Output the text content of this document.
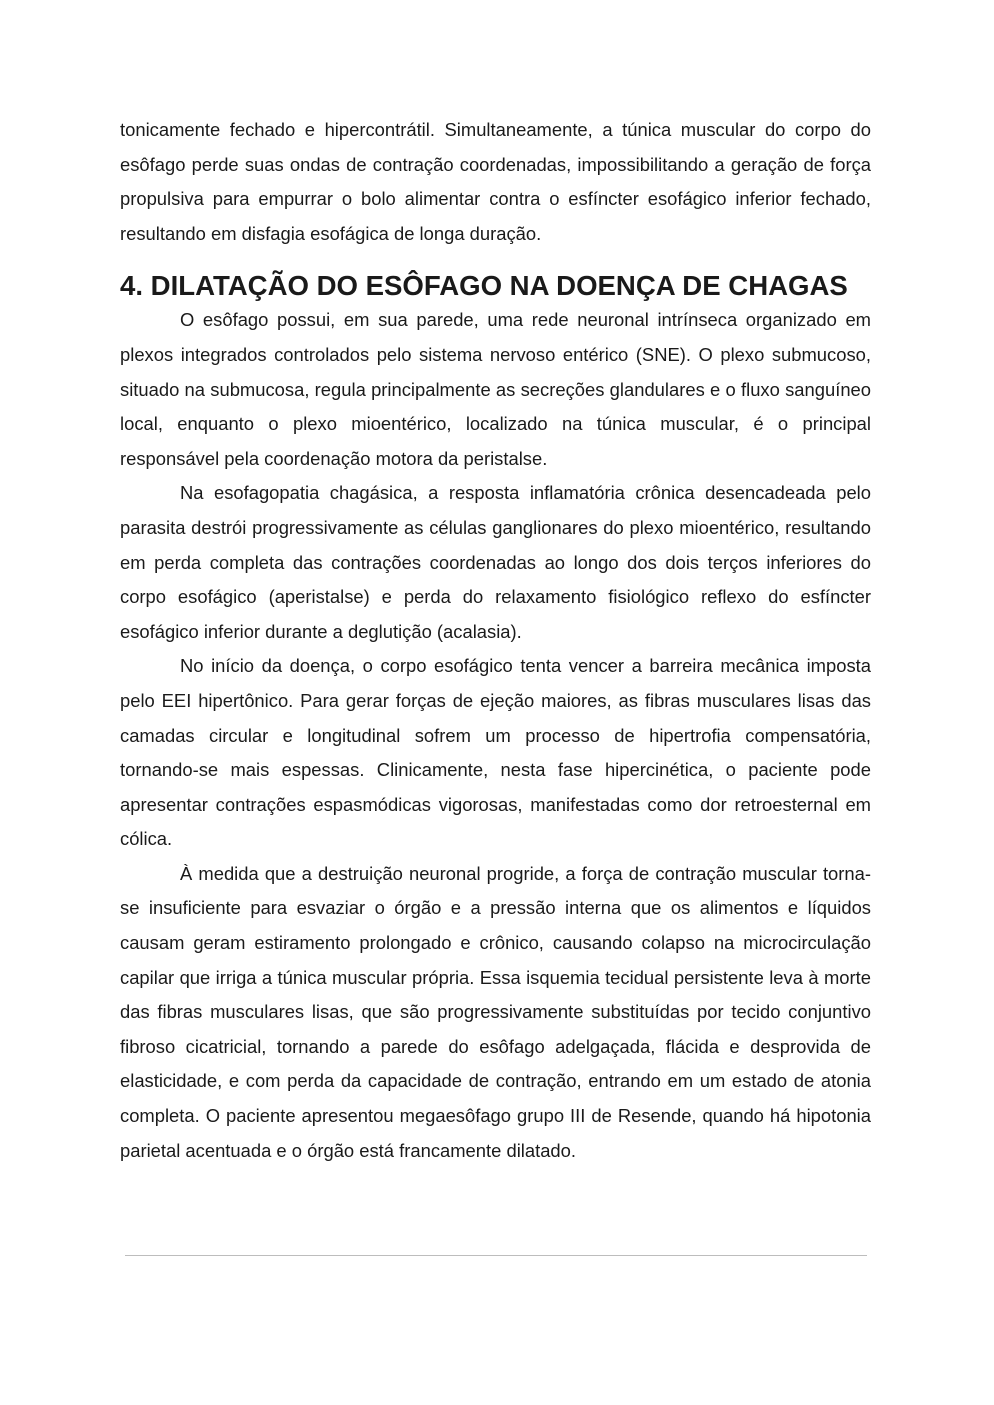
tonicamente fechado e hipercontrátil. Simultaneamente, a túnica muscular do corpo do esôfago perde suas ondas de contração coordenadas, impossibilitando a geração de força propulsiva para empurrar o bolo alimentar contra o esfíncter esofágico inferior fechado, resultando em disfagia esofágica de longa duração.

4. DILATAÇÃO DO ESÔFAGO NA DOENÇA DE CHAGAS

O esôfago possui, em sua parede, uma rede neuronal intrínseca organizado em plexos integrados controlados pelo sistema nervoso entérico (SNE). O plexo submucoso, situado na submucosa, regula principalmente as secreções glandulares e o fluxo sanguíneo local, enquanto o plexo mioentérico, localizado na túnica muscular, é o principal responsável pela coordenação motora da peristalse.

Na esofagopatia chagásica, a resposta inflamatória crônica desencadeada pelo parasita destrói progressivamente as células ganglionares do plexo mioentérico, resultando em perda completa das contrações coordenadas ao longo dos dois terços inferiores do corpo esofágico (aperistalse) e perda do relaxamento fisiológico reflexo do esfíncter esofágico inferior durante a deglutição (acalasia).

No início da doença, o corpo esofágico tenta vencer a barreira mecânica imposta pelo EEI hipertônico. Para gerar forças de ejeção maiores, as fibras musculares lisas das camadas circular e longitudinal sofrem um processo de hipertrofia compensatória, tornando-se mais espessas. Clinicamente, nesta fase hipercinética, o paciente pode apresentar contrações espasmódicas vigorosas, manifestadas como dor retroesternal em cólica.

À medida que a destruição neuronal progride, a força de contração muscular torna-se insuficiente para esvaziar o órgão e a pressão interna que os alimentos e líquidos causam geram estiramento prolongado e crônico, causando colapso na microcirculação capilar que irriga a túnica muscular própria. Essa isquemia tecidual persistente leva à morte das fibras musculares lisas, que são progressivamente substituídas por tecido conjuntivo fibroso cicatricial, tornando a parede do esôfago adelgaçada, flácida e desprovida de elasticidade, e com perda da capacidade de contração, entrando em um estado de atonia completa. O paciente apresentou megaesôfago grupo III de Resende, quando há hipotonia parietal acentuada e o órgão está francamente dilatado.
